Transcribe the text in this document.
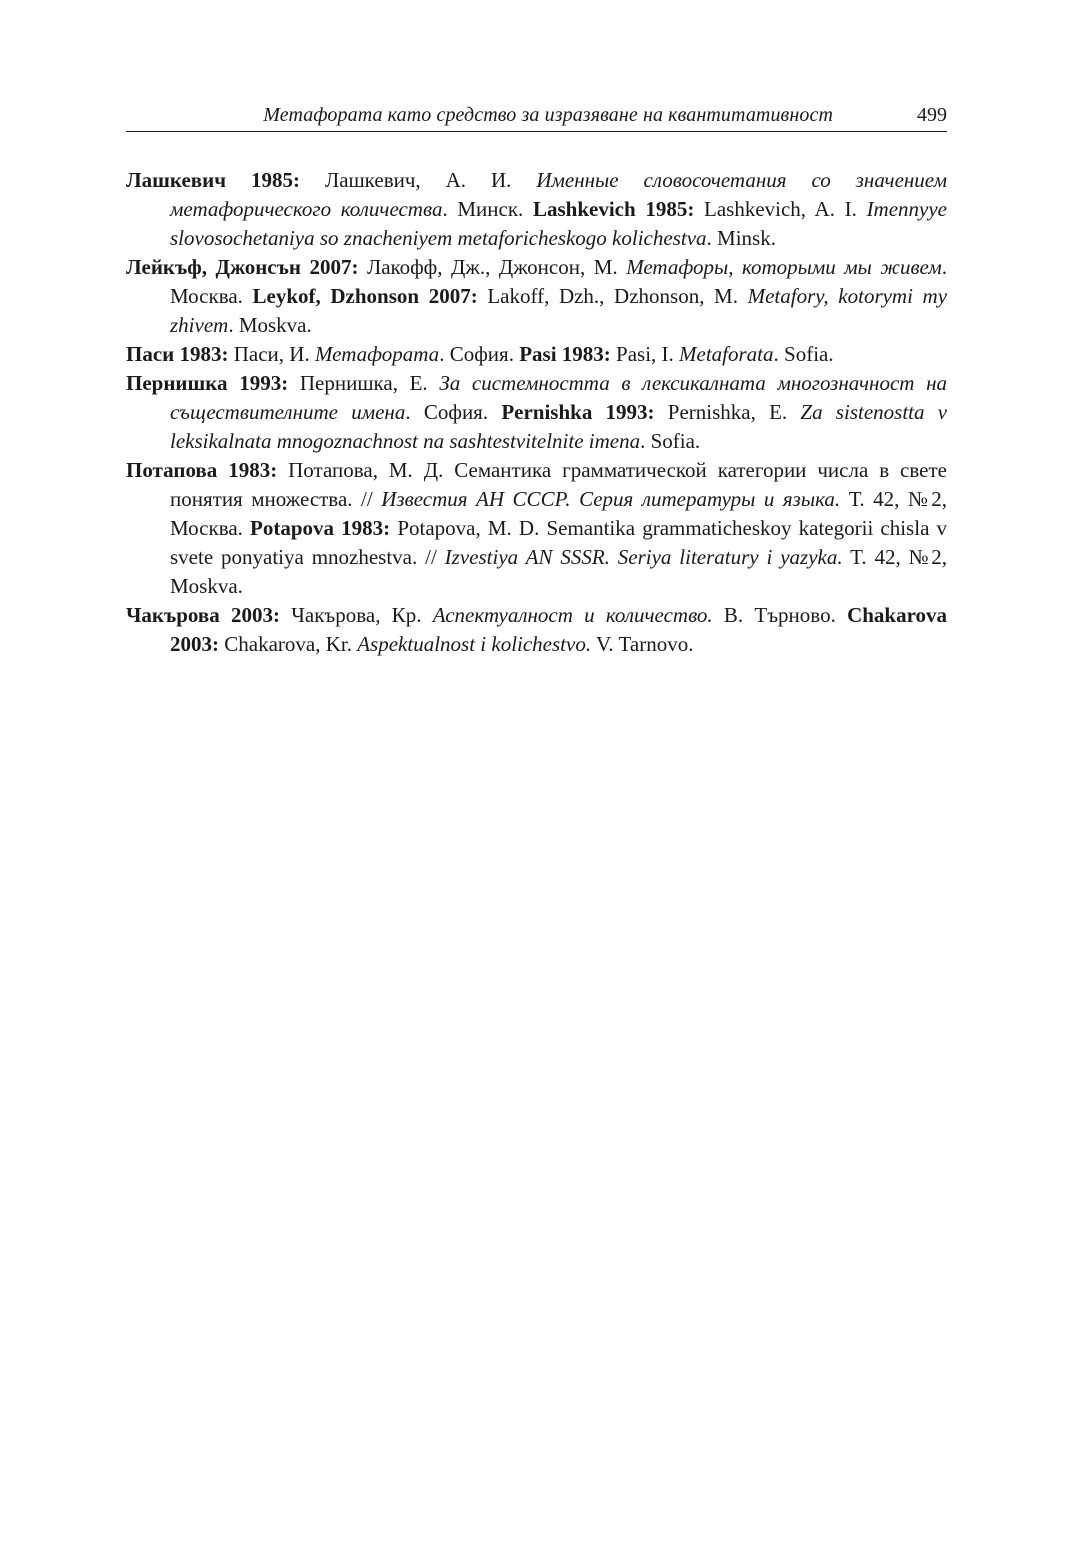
Метафората като средство за изразяване на квантитативност	499

Лашкевич 1985: Лашкевич, А. И. Именные словосочетания со значением метафорического количества. Минск. Lashkevich 1985: Lashkevich, A. I. Imennyye slovosochetaniya so znacheniyem metaforicheskogo kolichestva. Minsk.

Лейкъф, Джонсън 2007: Лакофф, Дж., Джонсон, М. Метафоры, которыми мы живем. Москва. Leykof, Dzhonson 2007: Lakoff, Dzh., Dzhonson, M. Metafory, kotorymi my zhivem. Moskva.

Паси 1983: Паси, И. Метафората. София. Pasi 1983: Pasi, I. Metaforata. Sofia.

Пернишка 1993: Пернишка, Е. За системността в лексикалната многозначност на съществителните имена. София. Pernishka 1993: Pernishka, E. Za sistenostta v leksikalnata mnogoznachnost na sashtestvitelnite imena. Sofia.

Потапова 1983: Потапова, М. Д. Семантика грамматической категории числа в свете понятия множества. // Известия АН СССР. Серия литературы и языка. Т. 42, №2, Москва. Potapova 1983: Potapova, M. D. Semantika grammaticheskoy kategorii chisla v svete ponyatiya mnozhestva. // Izvestiya AN SSSR. Seriya literatury i yazyka. T. 42, №2, Moskva.

Чакърова 2003: Чакърова, Кр. Аспектуалност и количество. В. Търново. Chakarova 2003: Chakarova, Kr. Aspektualnost i kolichestvo. V. Tarnovo.
